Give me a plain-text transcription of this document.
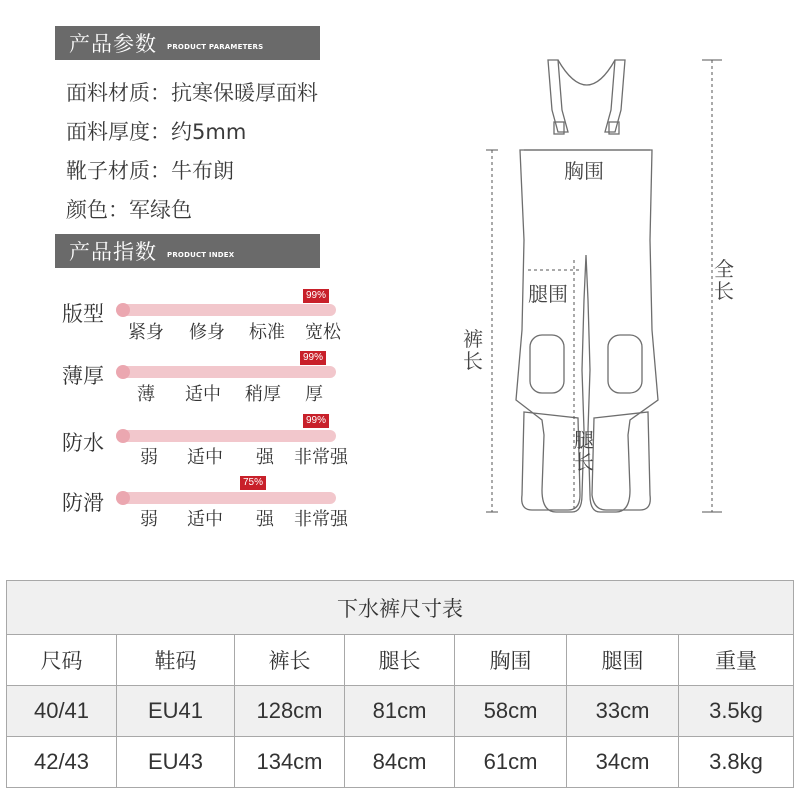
产品参数 PRODUCT PARAMETERS
面料材质：抗寒保暖厚面料
面料厚度：约5mm
靴子材质：牛布朗
颜色：军绿色
产品指数 PRODUCT INDEX
版型
99%
紧身 修身 标准 宽松
薄厚
99%
薄 适中 稍厚 厚
防水
99%
弱 适中 强 非常强
防滑
75%
弱 适中 强 非常强
胸围
腿围
裤长
腿长
全长
下水裤尺寸表						
尺码	鞋码	裤长	腿长	胸围	腿围	重量
40/41	EU41	128cm	81cm	58cm	33cm	3.5kg
42/43	EU43	134cm	84cm	61cm	34cm	3.8kg
